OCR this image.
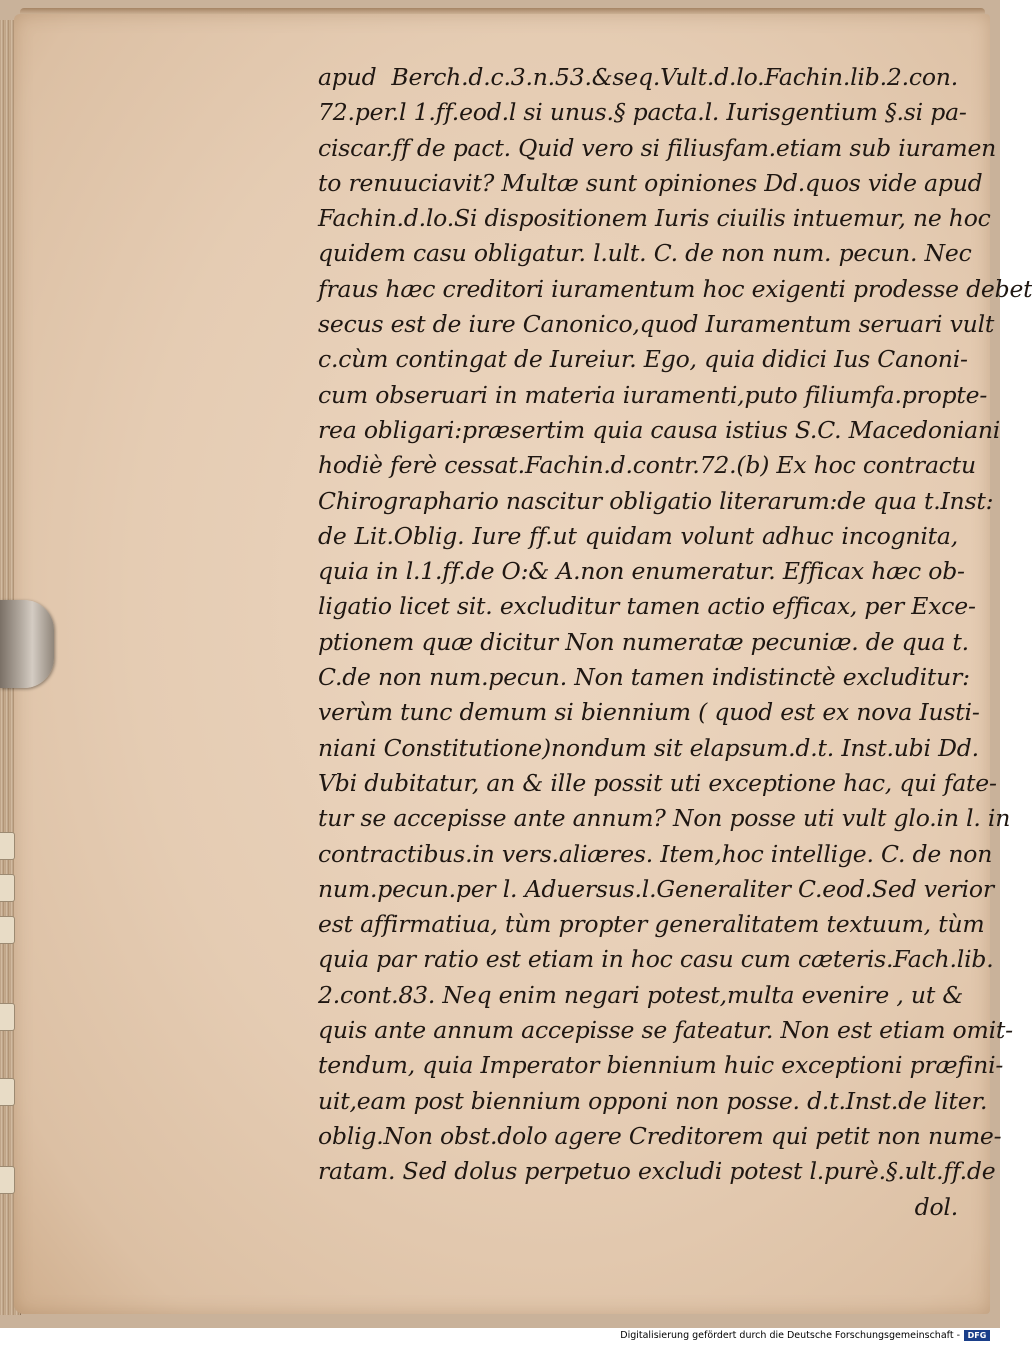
apud Berch.d.c.3.n.53.&seq.Vult.d.lo.Fachin.lib.2.con.
72.per.l 1.ff.eod.l si unus.§ pacta.l. Iurisgentium §.si pa-
ciscar.ff de pact. Quid vero si filiusfam.etiam sub iuramen
to renuuciavit? Multæ sunt opiniones Dd.quos vide apud
Fachin.d.lo.Si dispositionem Iuris ciuilis intuemur, ne hoc
quidem casu obligatur. l.ult. C. de non num. pecun. Nec
fraus hæc creditori iuramentum hoc exigenti prodesse debet
secus est de iure Canonico,quod Iuramentum seruari vult
c.cùm contingat de Iureiur. Ego, quia didici Ius Canoni-
cum obseruari in materia iuramenti,puto filiumfa.propte-
rea obligari:præsertim quia causa istius S.C. Macedoniani
hodiè ferè cessat.Fachin.d.contr.72.(b) Ex hoc contractu
Chirographario nascitur obligatio literarum:de qua t.Inst:
de Lit.Oblig. Iure ff.ut quidam volunt adhuc incognita,
quia in l.1.ff.de O:& A.non enumeratur. Efficax hæc ob-
ligatio licet sit. excluditur tamen actio efficax, per Exce-
ptionem quæ dicitur Non numeratæ pecuniæ. de qua t.
C.de non num.pecun. Non tamen indistinctè excluditur:
verùm tunc demum si biennium ( quod est ex nova Iusti-
niani Constitutione)nondum sit elapsum.d.t. Inst.ubi Dd.
Vbi dubitatur, an & ille possit uti exceptione hac, qui fate-
tur se accepisse ante annum? Non posse uti vult glo.in l. in
contractibus.in vers.aliæres. Item,hoc intellige. C. de non
num.pecun.per l. Aduersus.l.Generaliter C.eod.Sed verior
est affirmatiua, tùm propter generalitatem textuum, tùm
quia par ratio est etiam in hoc casu cum cæteris.Fach.lib.
2.cont.83. Neq enim negari potest,multa evenire , ut &
quis ante annum accepisse se fateatur. Non est etiam omit-
tendum, quia Imperator biennium huic exceptioni præfini-
uit,eam post biennium opponi non posse. d.t.Inst.de liter.
oblig.Non obst.dolo agere Creditorem qui petit non nume-
ratam. Sed dolus perpetuo excludi potest l.purè.§.ult.ff.de
dol.
Digitalisierung gefördert durch die Deutsche Forschungsgemeinschaft - DFG
